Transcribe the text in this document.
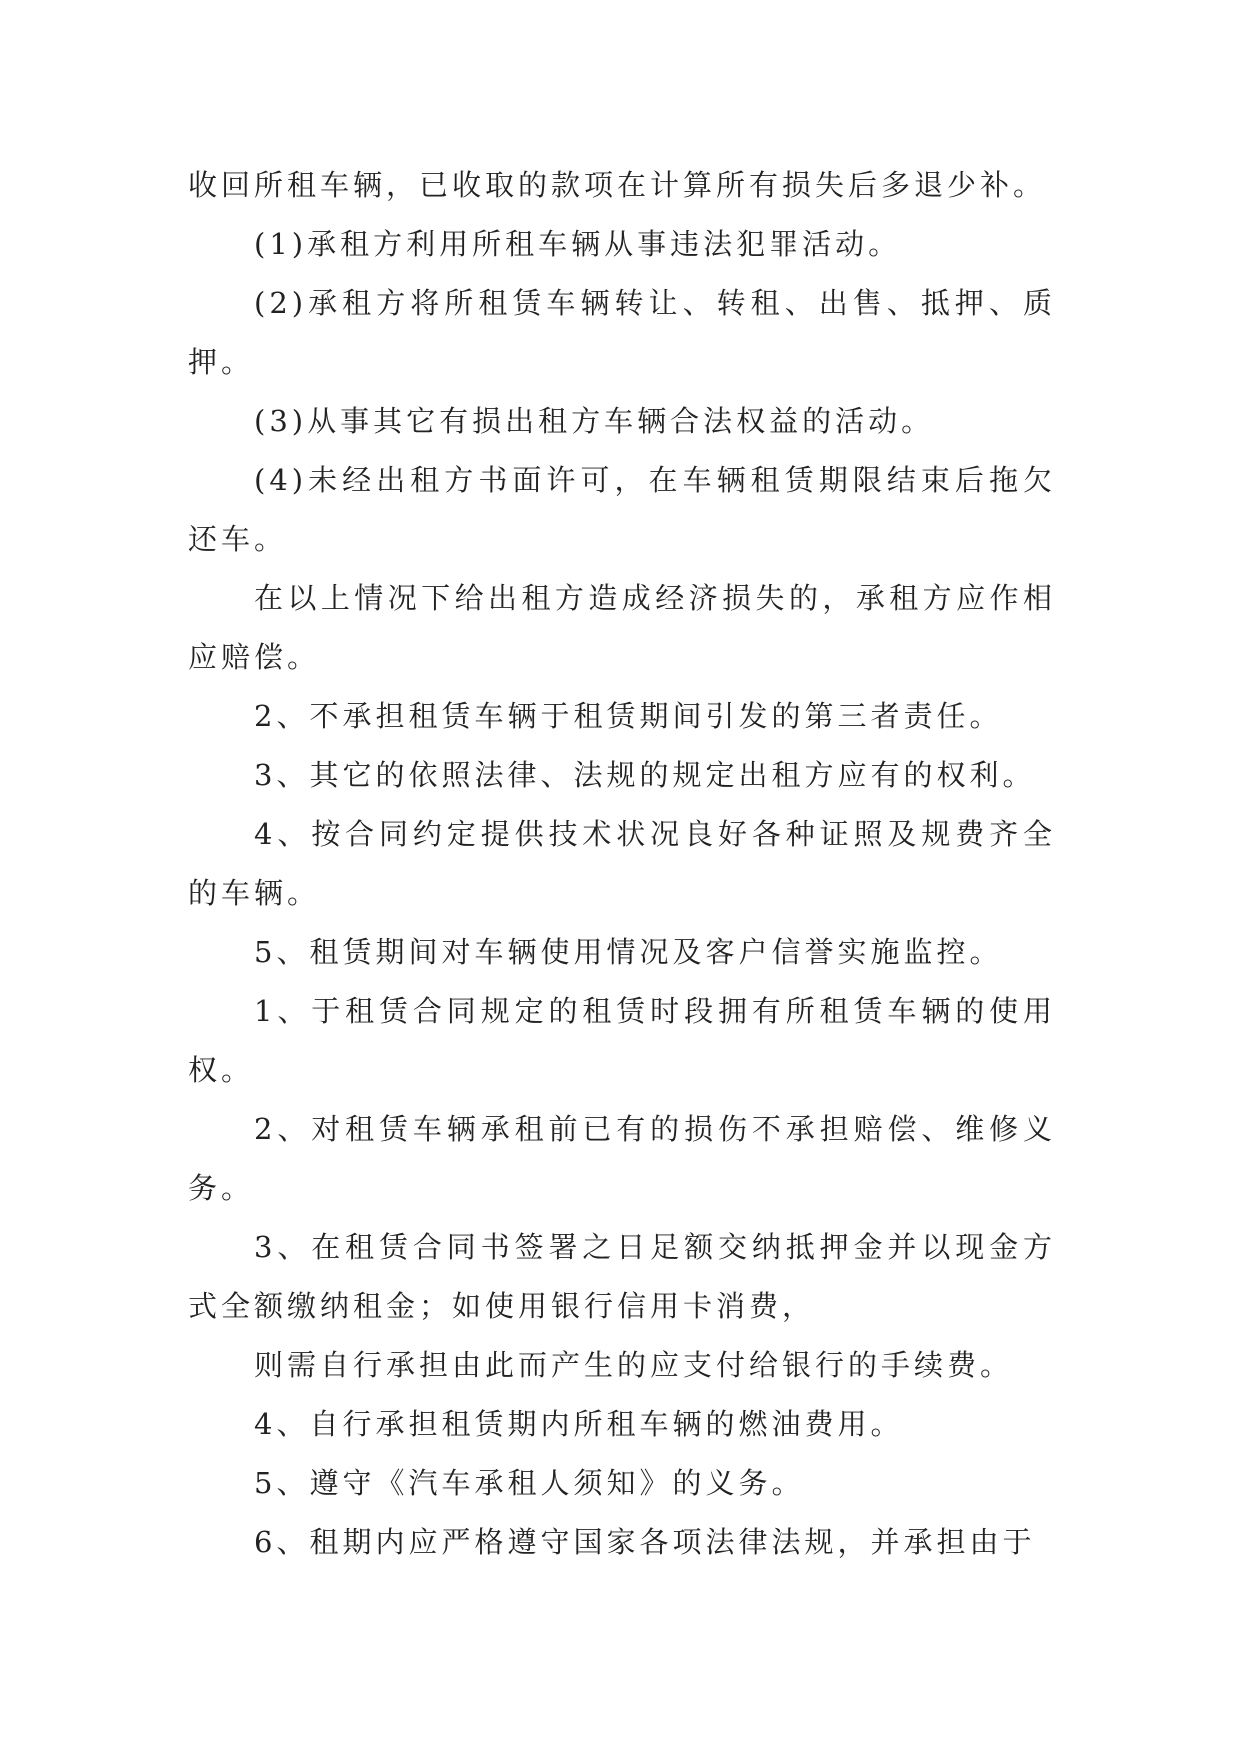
收回所租车辆，已收取的款项在计算所有损失后多退少补。

(1)承租方利用所租车辆从事违法犯罪活动。

(2)承租方将所租赁车辆转让、转租、出售、抵押、质押。

(3)从事其它有损出租方车辆合法权益的活动。

(4)未经出租方书面许可，在车辆租赁期限结束后拖欠还车。

在以上情况下给出租方造成经济损失的，承租方应作相应赔偿。

2、不承担租赁车辆于租赁期间引发的第三者责任。

3、其它的依照法律、法规的规定出租方应有的权利。

4、按合同约定提供技术状况良好各种证照及规费齐全的车辆。

5、租赁期间对车辆使用情况及客户信誉实施监控。

1、于租赁合同规定的租赁时段拥有所租赁车辆的使用权。

2、对租赁车辆承租前已有的损伤不承担赔偿、维修义务。

3、在租赁合同书签署之日足额交纳抵押金并以现金方式全额缴纳租金；如使用银行信用卡消费，

则需自行承担由此而产生的应支付给银行的手续费。

4、自行承担租赁期内所租车辆的燃油费用。

5、遵守《汽车承租人须知》的义务。

6、租期内应严格遵守国家各项法律法规，并承担由于
